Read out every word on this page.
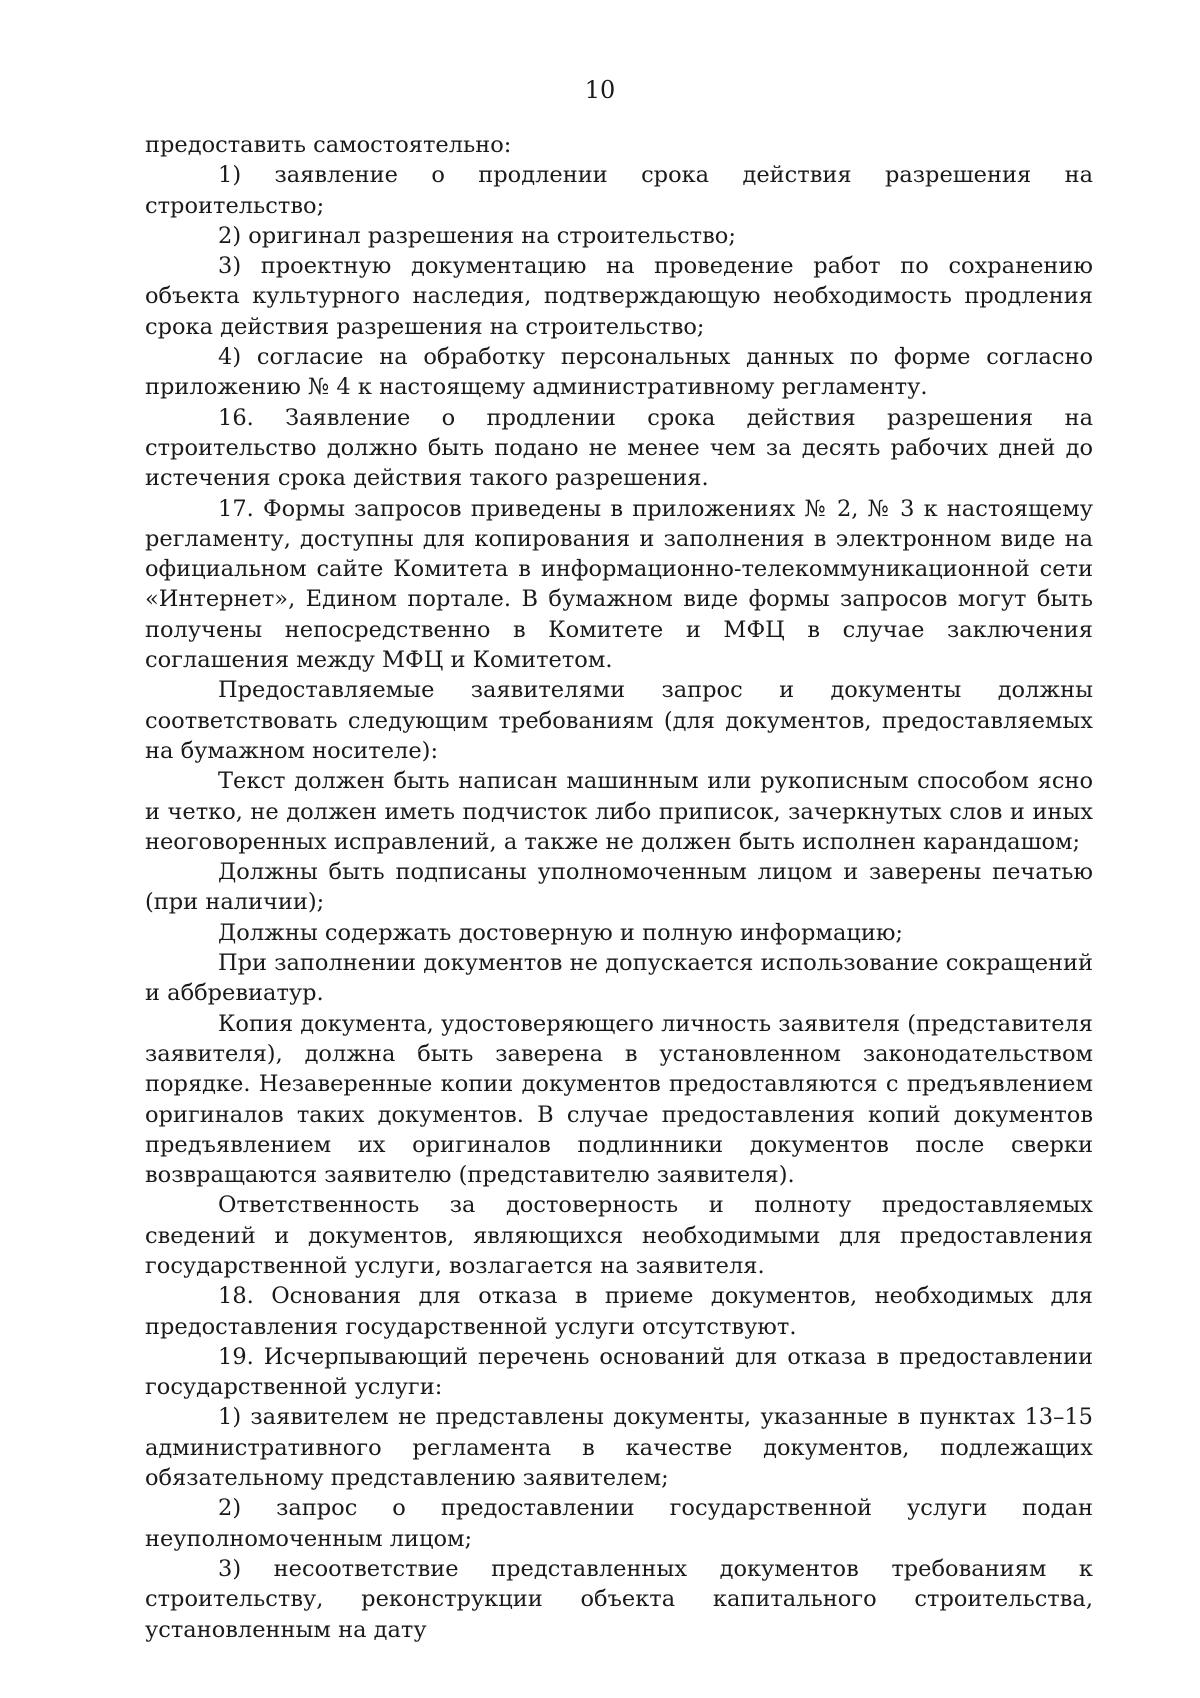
10

предоставить самостоятельно:

1) заявление о продлении срока действия разрешения на строительство;

2) оригинал разрешения на строительство;

3) проектную документацию на проведение работ по сохранению объекта культурного наследия, подтверждающую необходимость продления срока действия разрешения на строительство;

4) согласие на обработку персональных данных по форме согласно приложению № 4 к настоящему административному регламенту.

16. Заявление о продлении срока действия разрешения на строительство должно быть подано не менее чем за десять рабочих дней до истечения срока действия такого разрешения.

17. Формы запросов приведены в приложениях № 2, № 3 к настоящему регламенту, доступны для копирования и заполнения в электронном виде на официальном сайте Комитета в информационно-телекоммуникационной сети «Интернет», Едином портале. В бумажном виде формы запросов могут быть получены непосредственно в Комитете и МФЦ в случае заключения соглашения между МФЦ и Комитетом.

Предоставляемые заявителями запрос и документы должны соответствовать следующим требованиям (для документов, предоставляемых на бумажном носителе):

Текст должен быть написан машинным или рукописным способом ясно и четко, не должен иметь подчисток либо приписок, зачеркнутых слов и иных неоговоренных исправлений, а также не должен быть исполнен карандашом;

Должны быть подписаны уполномоченным лицом и заверены печатью (при наличии);

Должны содержать достоверную и полную информацию;

При заполнении документов не допускается использование сокращений и аббревиатур.

Копия документа, удостоверяющего личность заявителя (представителя заявителя), должна быть заверена в установленном законодательством порядке. Незаверенные копии документов предоставляются с предъявлением оригиналов таких документов. В случае предоставления копий документов предъявлением их оригиналов подлинники документов после сверки возвращаются заявителю (представителю заявителя).

Ответственность за достоверность и полноту предоставляемых сведений и документов, являющихся необходимыми для предоставления государственной услуги, возлагается на заявителя.

18. Основания для отказа в приеме документов, необходимых для предоставления государственной услуги отсутствуют.

19. Исчерпывающий перечень оснований для отказа в предоставлении государственной услуги:

1) заявителем не представлены документы, указанные в пунктах 13–15 административного регламента в качестве документов, подлежащих обязательному представлению заявителем;

2) запрос о предоставлении государственной услуги подан неуполномоченным лицом;

3) несоответствие представленных документов требованиям к строительству, реконструкции объекта капитального строительства, установленным на дату
